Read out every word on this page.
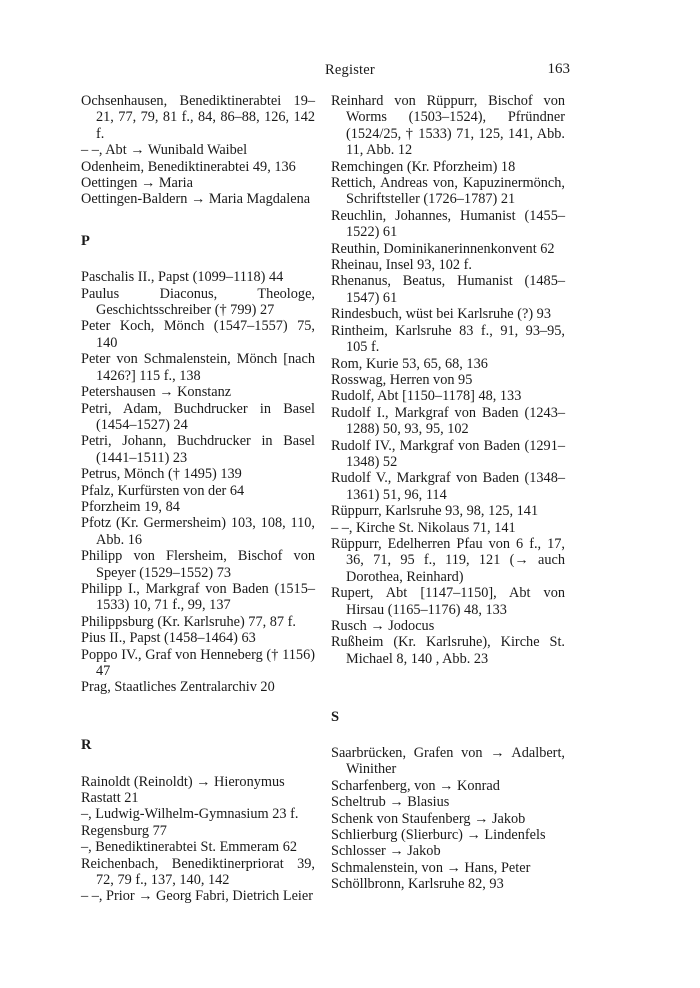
Register	163
Ochsenhausen, Benediktinerabtei 19–21, 77, 79, 81 f., 84, 86–88, 126, 142 f.
– –, Abt → Wunibald Waibel
Odenheim, Benediktinerabtei 49, 136
Oettingen → Maria
Oettingen-Baldern → Maria Magdalena
P
Paschalis II., Papst (1099–1118) 44
Paulus Diaconus, Theologe, Geschichtsschreiber († 799) 27
Peter Koch, Mönch (1547–1557) 75, 140
Peter von Schmalenstein, Mönch [nach 1426?] 115 f., 138
Petershausen → Konstanz
Petri, Adam, Buchdrucker in Basel (1454–1527) 24
Petri, Johann, Buchdrucker in Basel (1441–1511) 23
Petrus, Mönch († 1495) 139
Pfalz, Kurfürsten von der 64
Pforzheim 19, 84
Pfotz (Kr. Germersheim) 103, 108, 110, Abb. 16
Philipp von Flersheim, Bischof von Speyer (1529–1552) 73
Philipp I., Markgraf von Baden (1515–1533) 10, 71 f., 99, 137
Philippsburg (Kr. Karlsruhe) 77, 87 f.
Pius II., Papst (1458–1464) 63
Poppo IV., Graf von Henneberg († 1156) 47
Prag, Staatliches Zentralarchiv 20
R
Rainoldt (Reinoldt) → Hieronymus
Rastatt 21
–, Ludwig-Wilhelm-Gymnasium 23 f.
Regensburg 77
–, Benediktinerabtei St. Emmeram 62
Reichenbach, Benediktinerpriorat 39, 72, 79 f., 137, 140, 142
– –, Prior → Georg Fabri, Dietrich Leier
Reinhard von Rüppurr, Bischof von Worms (1503–1524), Pfründner (1524/25, † 1533) 71, 125, 141, Abb. 11, Abb. 12
Remchingen (Kr. Pforzheim) 18
Rettich, Andreas von, Kapuzinermönch, Schriftsteller (1726–1787) 21
Reuchlin, Johannes, Humanist (1455–1522) 61
Reuthin, Dominikanerinnenkonvent 62
Rheinau, Insel 93, 102 f.
Rhenanus, Beatus, Humanist (1485–1547) 61
Rindesbuch, wüst bei Karlsruhe (?) 93
Rintheim, Karlsruhe 83 f., 91, 93–95, 105 f.
Rom, Kurie 53, 65, 68, 136
Rosswag, Herren von 95
Rudolf, Abt [1150–1178] 48, 133
Rudolf I., Markgraf von Baden (1243–1288) 50, 93, 95, 102
Rudolf IV., Markgraf von Baden (1291–1348) 52
Rudolf V., Markgraf von Baden (1348–1361) 51, 96, 114
Rüppurr, Karlsruhe 93, 98, 125, 141
– –, Kirche St. Nikolaus 71, 141
Rüppurr, Edelherren Pfau von 6 f., 17, 36, 71, 95 f., 119, 121 (→ auch Dorothea, Reinhard)
Rupert, Abt [1147–1150], Abt von Hirsau (1165–1176) 48, 133
Rusch → Jodocus
Rußheim (Kr. Karlsruhe), Kirche St. Michael 8, 140 , Abb. 23
S
Saarbrücken, Grafen von → Adalbert, Winither
Scharfenberg, von → Konrad
Scheltrub → Blasius
Schenk von Staufenberg → Jakob
Schlierburg (Slierburc) → Lindenfels
Schlosser → Jakob
Schmalenstein, von → Hans, Peter
Schöllbronn, Karlsruhe 82, 93
